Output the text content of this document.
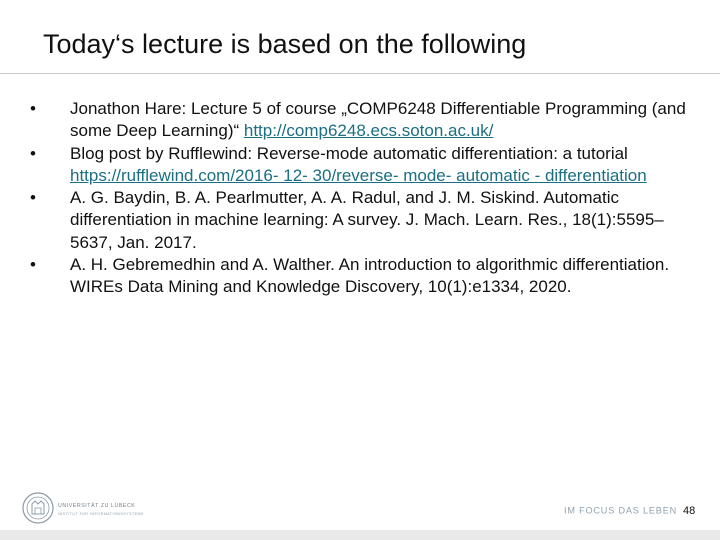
Today‘s lecture is based on the following
•	Jonathon Hare: Lecture 5 of course „COMP6248 Differentiable Programming (and some Deep Learning)“ http://comp6248.ecs.soton.ac.uk/
•	Blog post by Rufflewind: Reverse-mode automatic differentiation: a tutorial https://rufflewind.com/2016- 12- 30/reverse- mode- automatic - differentiation
•	A. G. Baydin, B. A. Pearlmutter, A. A. Radul, and J. M. Siskind. Automatic differentiation in machine learning: A survey. J. Mach. Learn. Res., 18(1):5595–5637, Jan. 2017.
•	A. H. Gebremedhin and A. Walther. An introduction to algorithmic differentiation. WIREs Data Mining and Knowledge Discovery, 10(1):e1334, 2020.
UNIVERSITÄT ZU LÜBECK
INSTITUT FÜR INFORMATIONSSYSTEME	IM FOCUS DAS LEBEN 48
